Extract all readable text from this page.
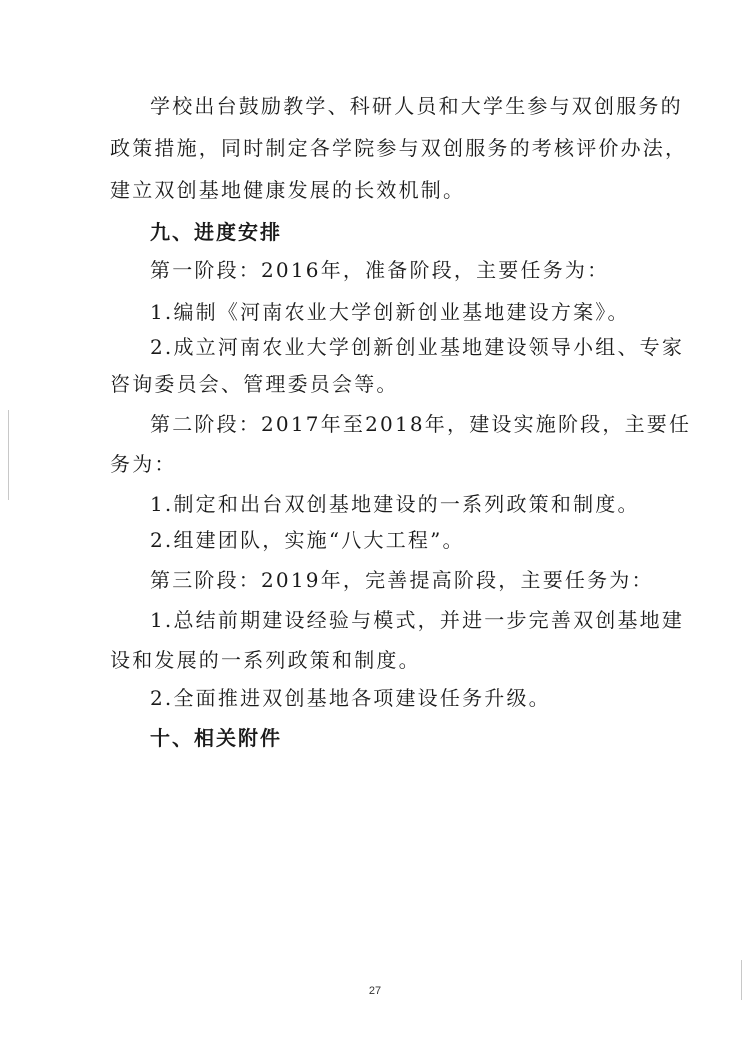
学校出台鼓励教学、科研人员和大学生参与双创服务的
政策措施，同时制定各学院参与双创服务的考核评价办法，
建立双创基地健康发展的长效机制。
九、进度安排
第一阶段：2016年，准备阶段，主要任务为：
1.编制《河南农业大学创新创业基地建设方案》。
2.成立河南农业大学创新创业基地建设领导小组、专家
咨询委员会、管理委员会等。
第二阶段：2017年至2018年，建设实施阶段，主要任
务为：
1.制定和出台双创基地建设的一系列政策和制度。
2.组建团队，实施“八大工程”。
第三阶段：2019年，完善提高阶段，主要任务为：
1.总结前期建设经验与模式，并进一步完善双创基地建
设和发展的一系列政策和制度。
2.全面推进双创基地各项建设任务升级。
十、相关附件
27
